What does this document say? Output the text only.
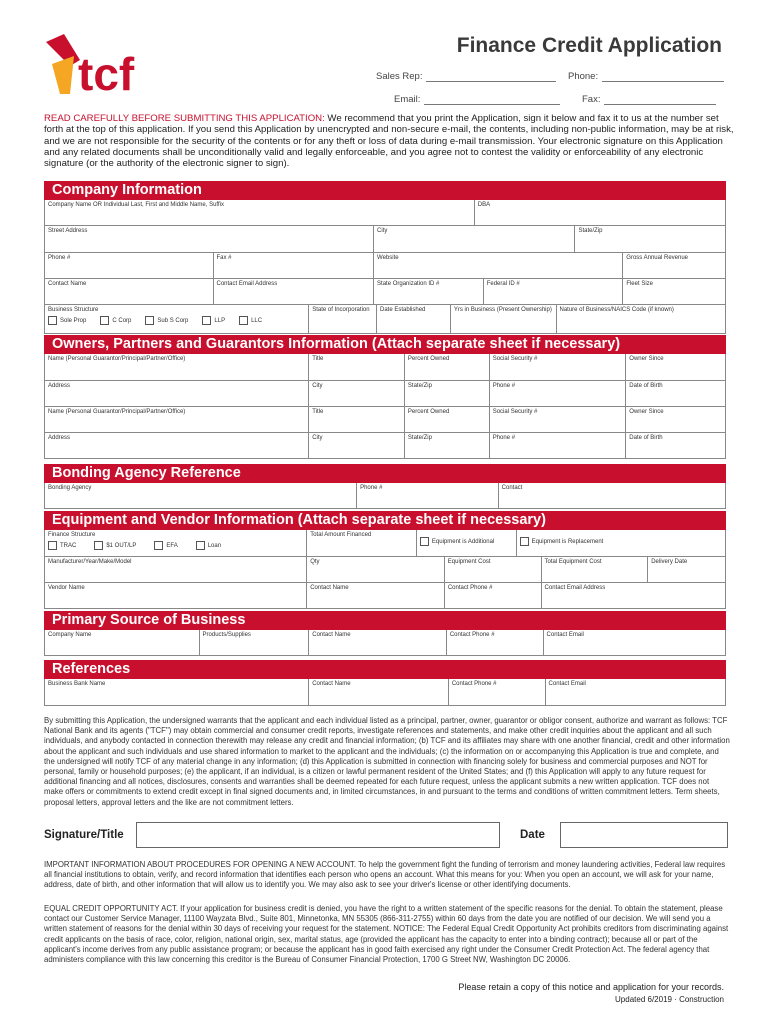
tcf
Finance Credit Application
Sales Rep:	Phone:
Email:	Fax:
READ CAREFULLY BEFORE SUBMITTING THIS APPLICATION: We recommend that you print the Application, sign it below and fax it to us at the number set forth at the top of this application. If you send this Application by unencrypted and non-secure e-mail, the contents, including non-public information, may be at risk, and we are not responsible for the security of the contents or for any theft or loss of data during e-mail transmission. Your electronic signature on this Application and any related documents shall be unconditionally valid and legally enforceable, and you agree not to contest the validity or enforceability of any electronic signature (or the authority of the electronic signer to sign).
Company Information
Company Name OR Individual Last, First and Middle Name, Suffix	DBA
Street Address	City	State/Zip
Phone #	Fax #	Website	Gross Annual Revenue
Contact Name	Contact Email Address	State Organization ID #	Federal ID #	Fleet Size
Business Structure
Sole Prop	C Corp	Sub S Corp	LLP	LLC
State of Incorporation	Date Established	Yrs in Business (Present Ownership)	Nature of Business/NAICS Code (if known)
Owners, Partners and Guarantors Information (Attach separate sheet if necessary)
Name (Personal Guarantor/Principal/Partner/Office)	Title	Percent Owned	Social Security #	Owner Since
Address	City	State/Zip	Phone #	Date of Birth
Name (Personal Guarantor/Principal/Partner/Office)	Title	Percent Owned	Social Security #	Owner Since
Address	City	State/Zip	Phone #	Date of Birth
Bonding Agency Reference
Bonding Agency	Phone #	Contact
Equipment and Vendor Information (Attach separate sheet if necessary)
Finance Structure
TRAC	$1 OUT/LP	EFA	Loan
Total Amount Financed
Equipment is Additional	Equipment is Replacement
Manufacturer/Year/Make/Model	Qty	Equipment Cost	Total Equipment Cost	Delivery Date
Vendor Name	Contact Name	Contact Phone #	Contact Email Address
Primary Source of Business
Company Name	Products/Supplies	Contact Name	Contact Phone #	Contact Email
References
Business Bank Name	Contact Name	Contact Phone #	Contact Email
By submitting this Application, the undersigned warrants that the applicant and each individual listed as a principal, partner, owner, guarantor or obligor consent, authorize and warrant as follows: TCF National Bank and its agents ("TCF") may obtain commercial and consumer credit reports, investigate references and statements, and make other credit inquiries about the applicant and all such individuals, and anybody contacted in connection therewith may release any credit and financial information; (b) TCF and its affiliates may share with one another financial, credit and other information about the applicant and such individuals and use shared information to market to the applicant and the individuals; (c) the information on or accompanying this Application is true and complete, and the undersigned will notify TCF of any material change in any information; (d) this Application is submitted in connection with financing solely for business and commercial purposes and NOT for personal, family or household purposes; (e) the applicant, if an individual, is a citizen or lawful permanent resident of the United States; and (f) this Application will apply to any future request for additional financing and all notices, disclosures, consents and warranties shall be deemed repeated for each future request, unless the applicant submits a new written application. TCF does not make offers or commitments to extend credit except in final signed documents and, in limited circumstances, in and pursuant to the terms and conditions of written commitment letters. Term sheets, proposal letters, approval letters and the like are not commitment letters.
Signature/Title	Date
IMPORTANT INFORMATION ABOUT PROCEDURES FOR OPENING A NEW ACCOUNT. To help the government fight the funding of terrorism and money laundering activities, Federal law requires all financial institutions to obtain, verify, and record information that identifies each person who opens an account. What this means for you: When you open an account, we will ask for your name, address, date of birth, and other information that will allow us to identify you. We may also ask to see your driver's license or other identifying documents.
EQUAL CREDIT OPPORTUNITY ACT. If your application for business credit is denied, you have the right to a written statement of the specific reasons for the denial. To obtain the statement, please contact our Customer Service Manager, 11100 Wayzata Blvd., Suite 801, Minnetonka, MN 55305 (866-311-2755) within 60 days from the date you are notified of our decision. We will send you a written statement of reasons for the denial within 30 days of receiving your request for the statement. NOTICE: The Federal Equal Credit Opportunity Act prohibits creditors from discriminating against credit applicants on the basis of race, color, religion, national origin, sex, marital status, age (provided the applicant has the capacity to enter into a binding contract); because all or part of the applicant's income derives from any public assistance program; or because the applicant has in good faith exercised any right under the Consumer Credit Protection Act. The federal agency that administers compliance with this law concerning this creditor is the Bureau of Consumer Financial Protection, 1700 G Street NW, Washington DC 20006.
Please retain a copy of this notice and application for your records.
Updated 6/2019 · Construction
